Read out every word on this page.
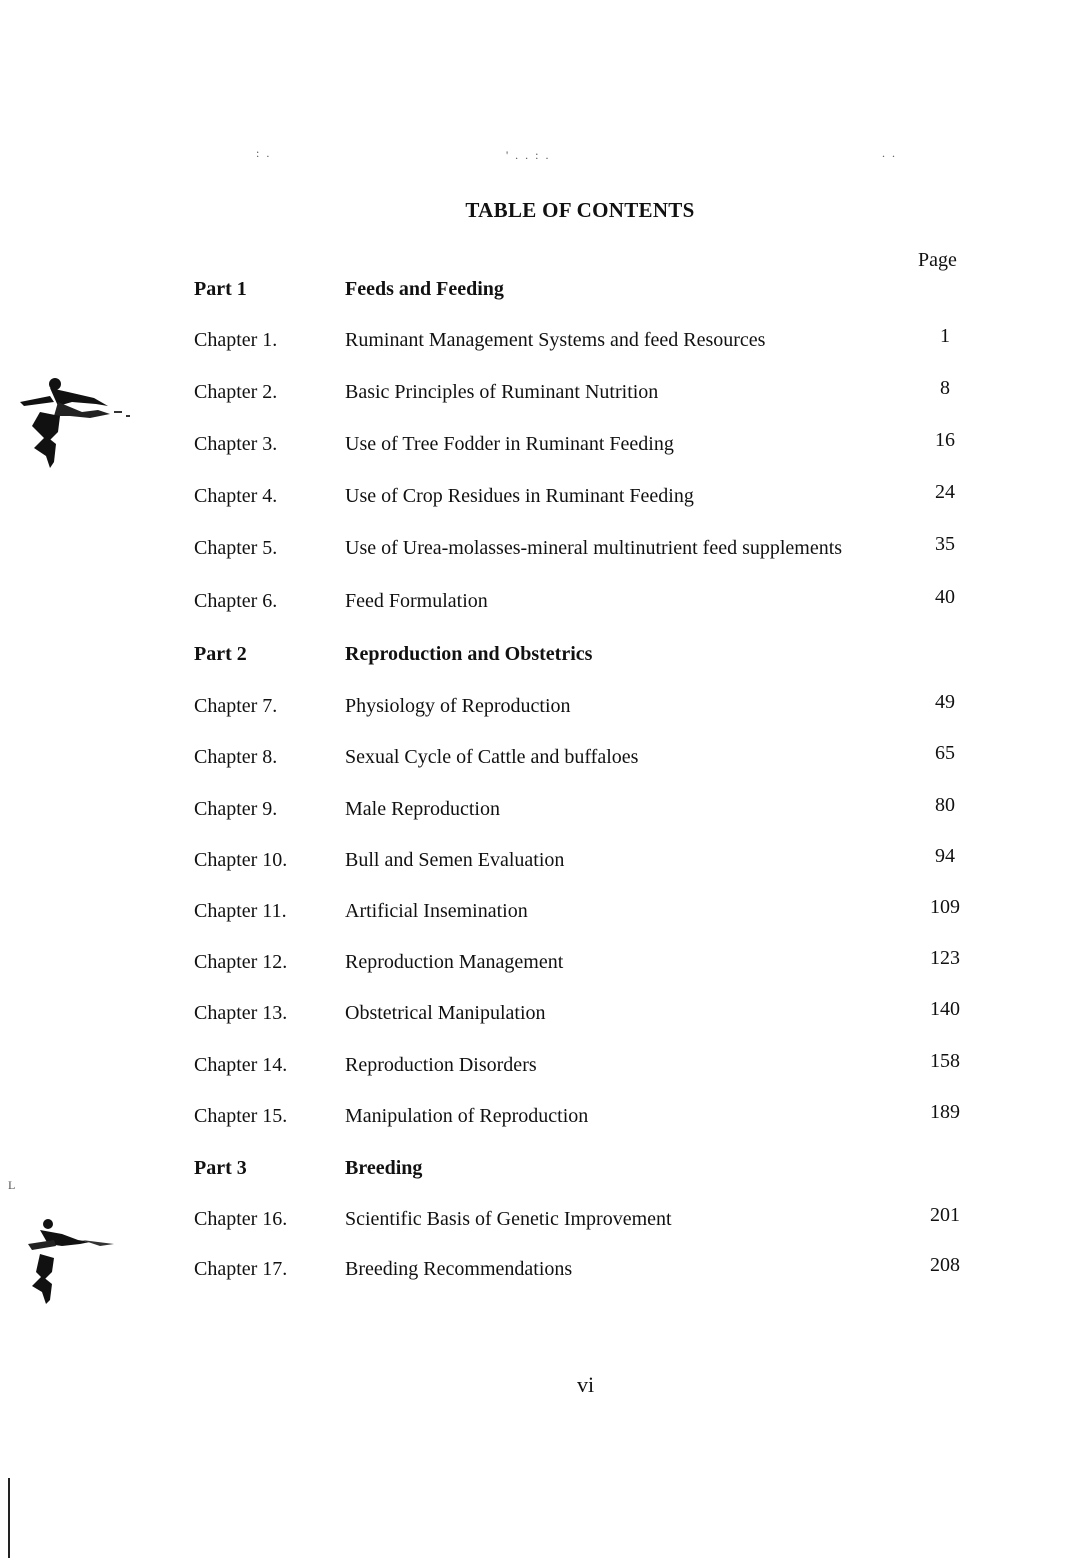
: .	' . . : .	. .
TABLE OF CONTENTS
Page
Part 1	Feeds and Feeding
Chapter 1.	Ruminant Management Systems and feed Resources	1
Chapter 2.	Basic Principles of Ruminant Nutrition	8
Chapter 3.	Use of Tree Fodder in Ruminant Feeding	16
Chapter 4.	Use of Crop Residues in Ruminant Feeding	24
Chapter 5.	Use of Urea-molasses-mineral multinutrient feed supplements	35
Chapter 6.	Feed Formulation	40
Part 2	Reproduction and Obstetrics
Chapter 7.	Physiology of Reproduction	49
Chapter 8.	Sexual Cycle of Cattle and buffaloes	65
Chapter 9.	Male Reproduction	80
Chapter 10.	Bull and Semen Evaluation	94
Chapter 11.	Artificial Insemination	109
Chapter 12.	Reproduction Management	123
Chapter 13.	Obstetrical Manipulation	140
Chapter 14.	Reproduction Disorders	158
Chapter 15.	Manipulation of Reproduction	189
Part 3	Breeding
Chapter 16.	Scientific Basis of Genetic Improvement	201
Chapter 17.	Breeding Recommendations	208
vi
L
